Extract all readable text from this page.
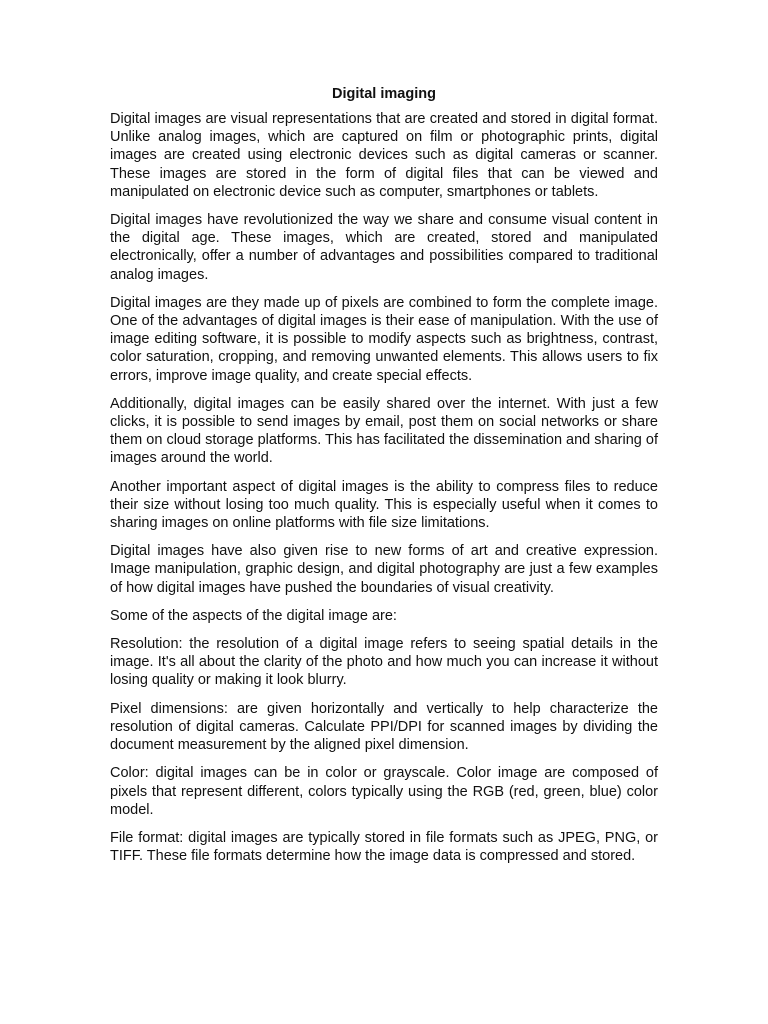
Digital imaging

Digital images are visual representations that are created and stored in digital format. Unlike analog images, which are captured on film or photographic prints, digital images are created using electronic devices such as digital cameras or scanner. These images are stored in the form of digital files that can be viewed and manipulated on electronic device such as computer, smartphones or tablets.

Digital images have revolutionized the way we share and consume visual content in the digital age. These images, which are created, stored and manipulated electronically, offer a number of advantages and possibilities compared to traditional analog images.

Digital images are they made up of pixels are combined to form the complete image. One of the advantages of digital images is their ease of manipulation. With the use of image editing software, it is possible to modify aspects such as brightness, contrast, color saturation, cropping, and removing unwanted elements. This allows users to fix errors, improve image quality, and create special effects.

Additionally, digital images can be easily shared over the internet. With just a few clicks, it is possible to send images by email, post them on social networks or share them on cloud storage platforms. This has facilitated the dissemination and sharing of images around the world.

Another important aspect of digital images is the ability to compress files to reduce their size without losing too much quality. This is especially useful when it comes to sharing images on online platforms with file size limitations.

Digital images have also given rise to new forms of art and creative expression. Image manipulation, graphic design, and digital photography are just a few examples of how digital images have pushed the boundaries of visual creativity.

Some of the aspects of the digital image are:

Resolution: the resolution of a digital image refers to seeing spatial details in the image. It's all about the clarity of the photo and how much you can increase it without losing quality or making it look blurry.

Pixel dimensions: are given horizontally and vertically to help characterize the resolution of digital cameras. Calculate PPI/DPI for scanned images by dividing the document measurement by the aligned pixel dimension.

Color: digital images can be in color or grayscale. Color image are composed of pixels that represent different, colors typically using the RGB (red, green, blue) color model.

File format: digital images are typically stored in file formats such as JPEG, PNG, or TIFF. These file formats determine how the image data is compressed and stored.
